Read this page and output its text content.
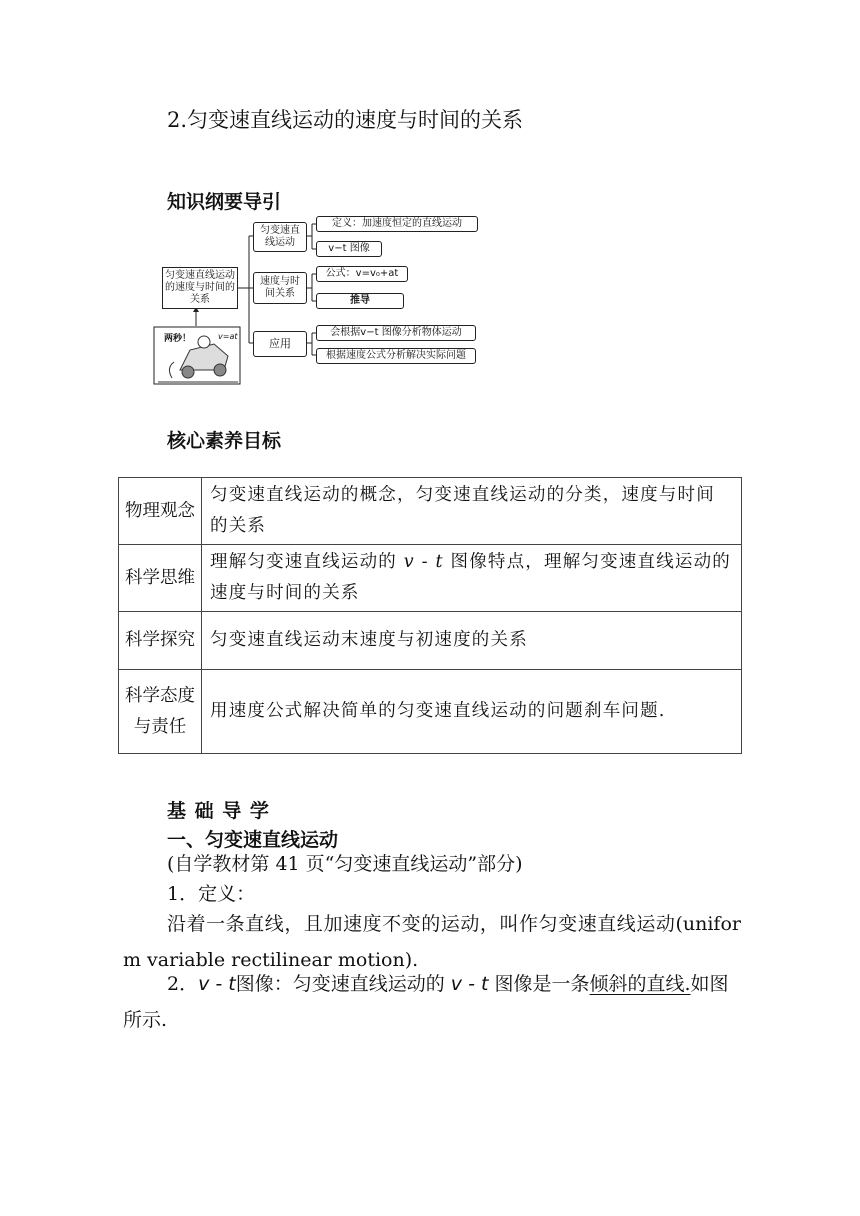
2.匀变速直线运动的速度与时间的关系
知识纲要导引
匀变速直线运动的速度与时间的关系
两秒！	v=at
匀变速直线运动
定义：加速度恒定的直线运动
v−t 图像
速度与时间关系
公式：v=v₀+at
推导
应用
会根据v−t 图像分析物体运动
根据速度公式分析解决实际问题
核心素养目标
物理观念	匀变速直线运动的概念，匀变速直线运动的分类，速度与时间的关系
科学思维	理解匀变速直线运动的 v - t 图像特点，理解匀变速直线运动的速度与时间的关系
科学探究	匀变速直线运动末速度与初速度的关系
科学态度与责任	用速度公式解决简单的匀变速直线运动的问题刹车问题.
基 础 导 学
一、匀变速直线运动
(自学教材第 41 页“匀变速直线运动”部分)
1．定义：
沿着一条直线，且加速度不变的运动，叫作匀变速直线运动(uniform variable rectilinear motion).
2．v - t图像：匀变速直线运动的 v - t 图像是一条倾斜的直线.如图所示.
